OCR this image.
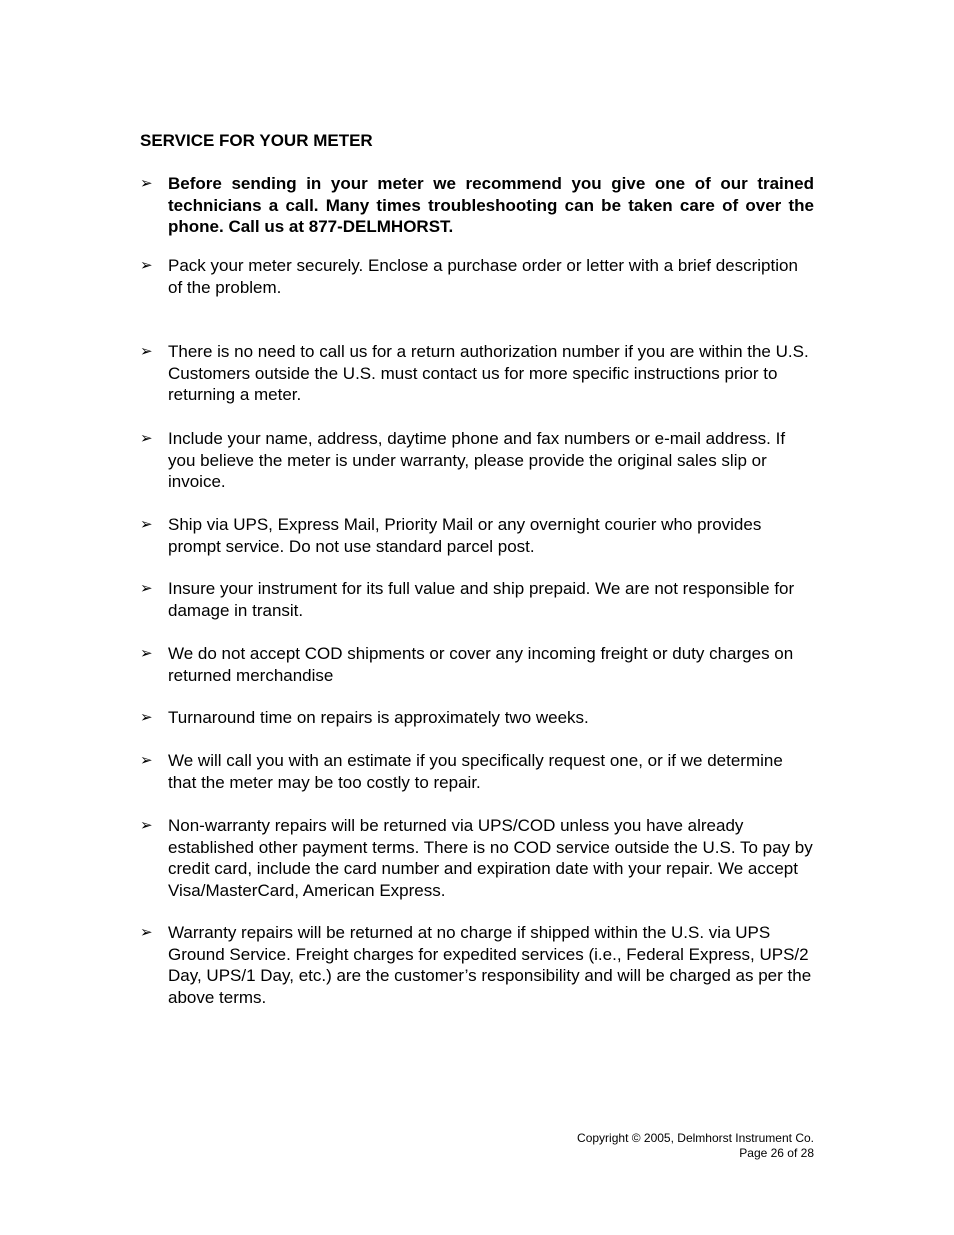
SERVICE FOR YOUR METER
➢ Before sending in your meter we recommend you give one of our trained technicians a call. Many times troubleshooting can be taken care of over the phone. Call us at 877-DELMHORST.
➢ Pack your meter securely. Enclose a purchase order or letter with a brief description of the problem.
➢ There is no need to call us for a return authorization number if you are within the U.S. Customers outside the U.S. must contact us for more specific instructions prior to returning a meter.
➢ Include your name, address, daytime phone and fax numbers or e-mail address. If you believe the meter is under warranty, please provide the original sales slip or invoice.
➢ Ship via UPS, Express Mail, Priority Mail or any overnight courier who provides prompt service. Do not use standard parcel post.
➢ Insure your instrument for its full value and ship prepaid. We are not responsible for damage in transit.
➢ We do not accept COD shipments or cover any incoming freight or duty charges on returned merchandise
➢ Turnaround time on repairs is approximately two weeks.
➢ We will call you with an estimate if you specifically request one, or if we determine that the meter may be too costly to repair.
➢ Non-warranty repairs will be returned via UPS/COD unless you have already established other payment terms. There is no COD service outside the U.S. To pay by credit card, include the card number and expiration date with your repair. We accept Visa/MasterCard, American Express.
➢ Warranty repairs will be returned at no charge if shipped within the U.S. via UPS Ground Service. Freight charges for expedited services (i.e., Federal Express, UPS/2 Day, UPS/1 Day, etc.) are the customer’s responsibility and will be charged as per the above terms.
Copyright © 2005, Delmhorst Instrument Co.
Page 26 of 28
